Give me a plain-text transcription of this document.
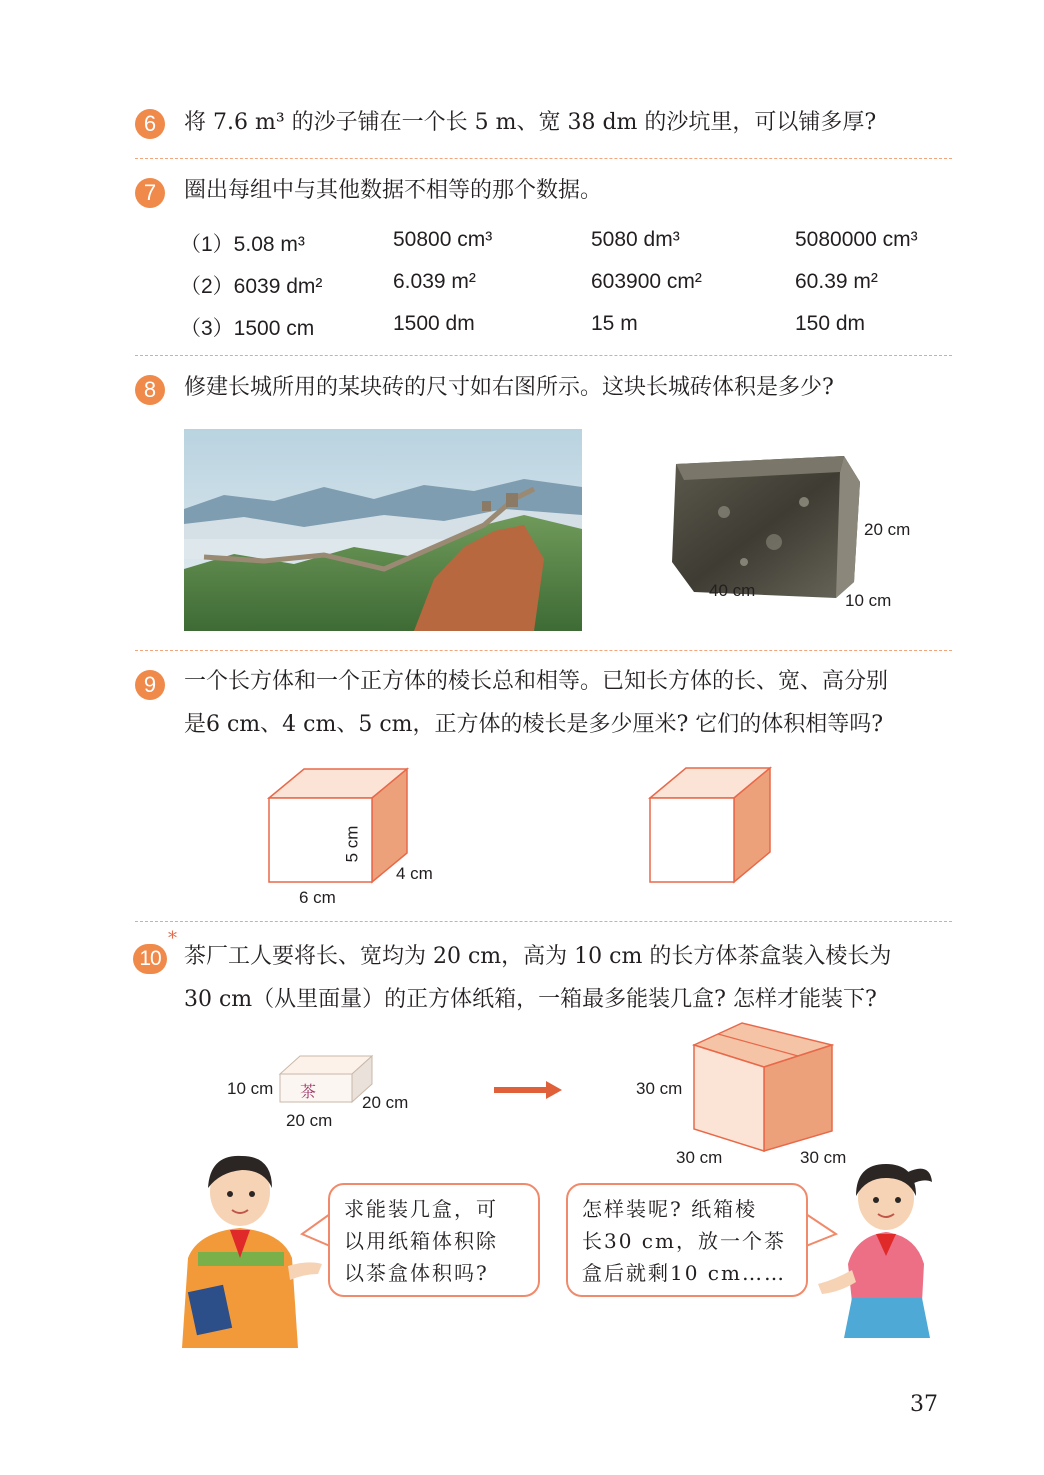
6	将 7.6 m³ 的沙子铺在一个长 5 m、宽 38 dm 的沙坑里，可以铺多厚?
7	圈出每组中与其他数据不相等的那个数据。
（1）5.08 m³	50800 cm³	5080 dm³	5080000 cm³
（2）6039 dm²	6.039 m²	603900 cm²	60.39 m²
（3）1500 cm	1500 dm	15 m	150 dm
8	修建长城所用的某块砖的尺寸如右图所示。这块长城砖体积是多少?
20 cm
40 cm
10 cm
9	一个长方体和一个正方体的棱长总和相等。已知长方体的长、宽、高分别
是6 cm、4 cm、5 cm，正方体的棱长是多少厘米? 它们的体积相等吗?
5 cm
4 cm
6 cm
*
10 茶厂工人要将长、宽均为 20 cm，高为 10 cm 的长方体茶盒装入棱长为
30 cm（从里面量）的正方体纸箱，一箱最多能装几盒? 怎样才能装下?
茶
10 cm
20 cm
20 cm
30 cm
30 cm	30 cm
求能装几盒，可
以用纸箱体积除
以茶盒体积吗?
怎样装呢? 纸箱棱
长30 cm，放一个茶
盒后就剩10 cm……
37
